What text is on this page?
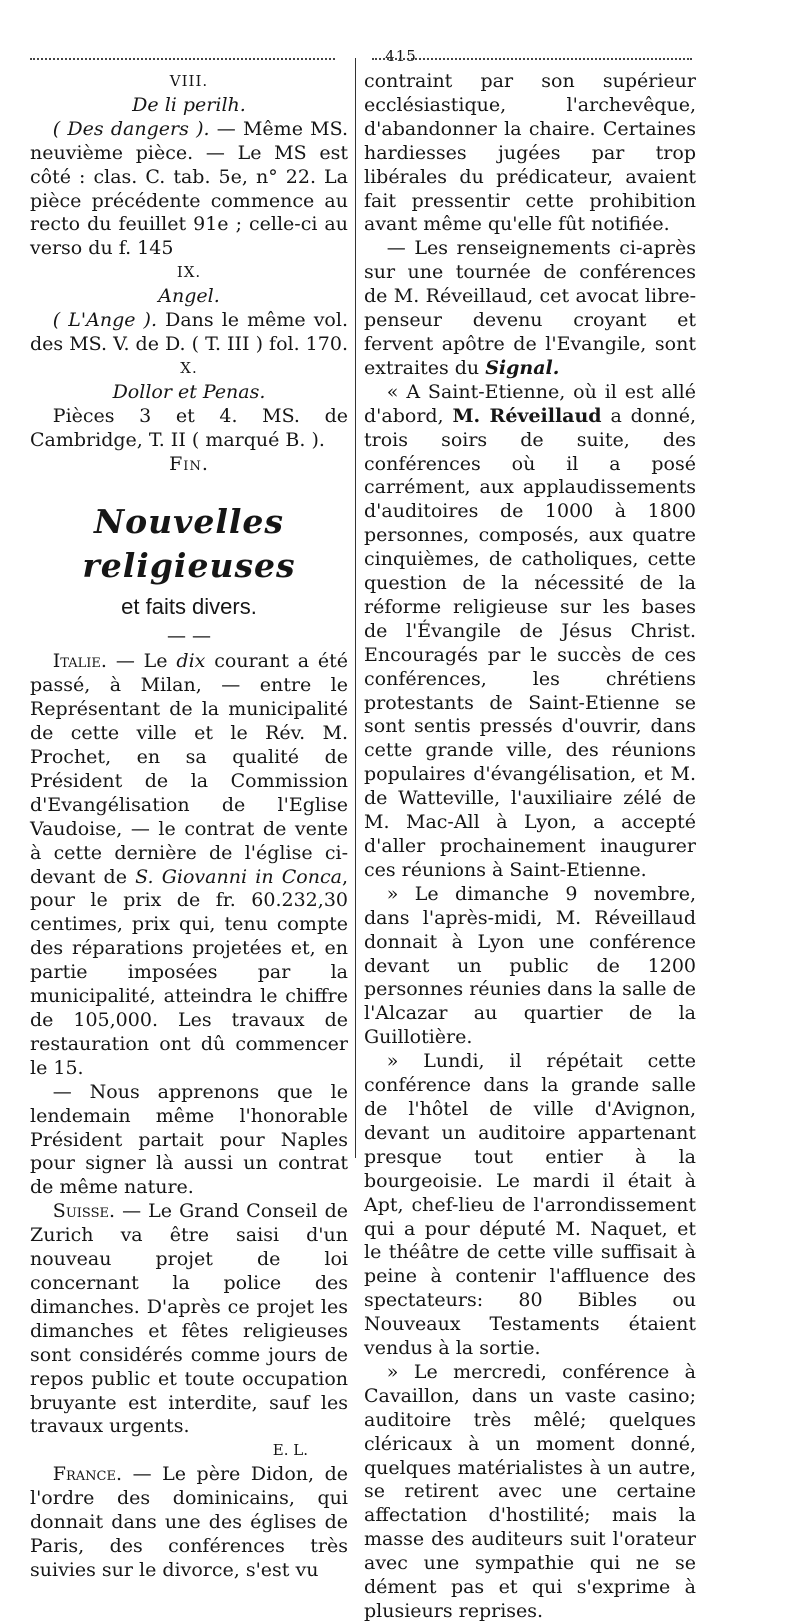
415

VIII.

De li perilh.

( Des dangers ). — Même MS. neuvième pièce. — Le MS est côté : clas. C. tab. 5e, n° 22. La pièce précédente commence au recto du feuillet 91e ; celle-ci au verso du f. 145

IX.

Angel.

( L'Ange ). Dans le même vol. des MS. V. de D. ( T. III ) fol. 170.

X.

Dollor et Penas.

Pièces 3 et 4. MS. de Cambridge, T. II ( marqué B. ).

Fin.

Nouvelles religieuses
et faits divers.
— —

Italie. — Le dix courant a été passé, à Milan, — entre le Représentant de la municipalité de cette ville et le Rév. M. Prochet, en sa qualité de Président de la Commission d'Evangélisation de l'Eglise Vaudoise, — le contrat de vente à cette dernière de l'église ci-devant de S. Giovanni in Conca, pour le prix de fr. 60.232,30 centimes, prix qui, tenu compte des réparations projetées et, en partie imposées par la municipalité, atteindra le chiffre de 105,000. Les travaux de restauration ont dû commencer le 15.

— Nous apprenons que le lendemain même l'honorable Président partait pour Naples pour signer là aussi un contrat de même nature.

Suisse. — Le Grand Conseil de Zurich va être saisi d'un nouveau projet de loi concernant la police des dimanches. D'après ce projet les dimanches et fêtes religieuses sont considérés comme jours de repos public et toute occupation bruyante est interdite, sauf les travaux urgents.

E. L.

France. — Le père Didon, de l'ordre des dominicains, qui donnait dans une des églises de Paris, des conférences très suivies sur le divorce, s'est vu

contraint par son supérieur ecclésiastique, l'archevêque, d'abandonner la chaire. Certaines hardiesses jugées par trop libérales du prédicateur, avaient fait pressentir cette prohibition avant même qu'elle fût notifiée.

— Les renseignements ci-après sur une tournée de conférences de M. Réveillaud, cet avocat libre-penseur devenu croyant et fervent apôtre de l'Evangile, sont extraites du Signal.

« A Saint-Etienne, où il est allé d'abord, M. Réveillaud a donné, trois soirs de suite, des conférences où il a posé carrément, aux applaudissements d'auditoires de 1000 à 1800 personnes, composés, aux quatre cinquièmes, de catholiques, cette question de la nécessité de la réforme religieuse sur les bases de l'Évangile de Jésus Christ. Encouragés par le succès de ces conférences, les chrétiens protestants de Saint-Etienne se sont sentis pressés d'ouvrir, dans cette grande ville, des réunions populaires d'évangélisation, et M. de Watteville, l'auxiliaire zélé de M. Mac-All à Lyon, a accepté d'aller prochainement inaugurer ces réunions à Saint-Etienne.

» Le dimanche 9 novembre, dans l'après-midi, M. Réveillaud donnait à Lyon une conférence devant un public de 1200 personnes réunies dans la salle de l'Alcazar au quartier de la Guillotière.

» Lundi, il répétait cette conférence dans la grande salle de l'hôtel de ville d'Avignon, devant un auditoire appartenant presque tout entier à la bourgeoisie. Le mardi il était à Apt, chef-lieu de l'arrondissement qui a pour député M. Naquet, et le théâtre de cette ville suffisait à peine à contenir l'affluence des spectateurs: 80 Bibles ou Nouveaux Testaments étaient vendus à la sortie.

» Le mercredi, conférence à Cavaillon, dans un vaste casino; auditoire très mêlé; quelques cléricaux à un moment donné, quelques matérialistes à un autre, se retirent avec une certaine affectation d'hostilité; mais la masse des auditeurs suit l'orateur avec une sympathie qui ne se dément pas et qui s'exprime à plusieurs reprises.
